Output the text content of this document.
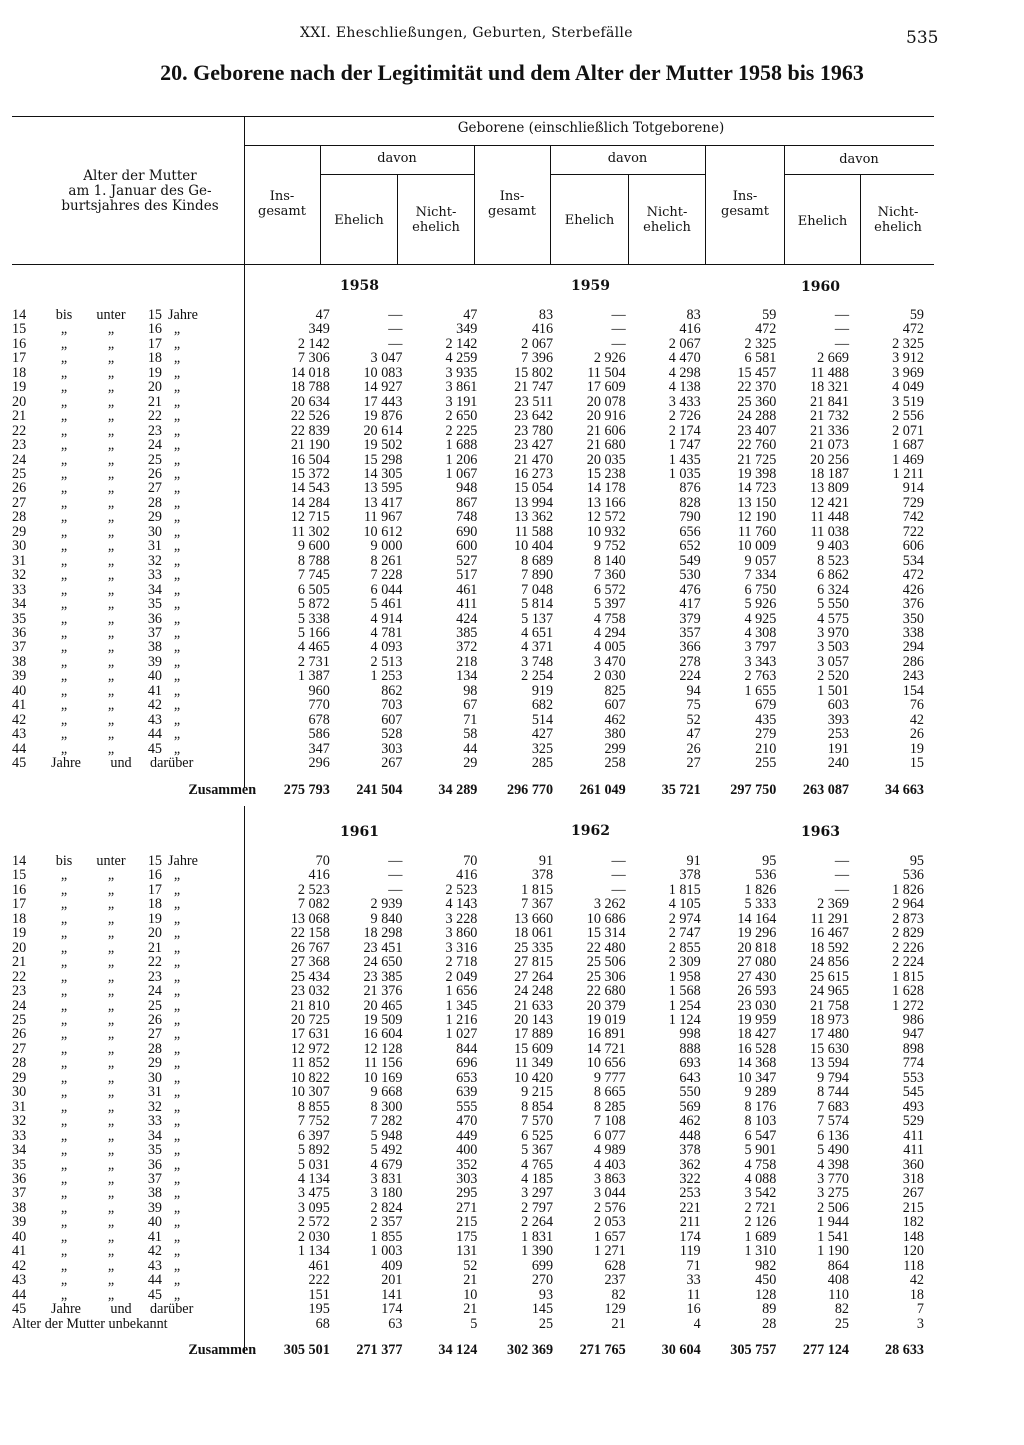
XXI. Eheschließungen, Geburten, Sterbefälle	535
20. Geborene nach der Legitimität und dem Alter der Mutter 1958 bis 1963
Alter der Mutter
am 1. Januar des Ge-
burtsjahres des Kindes
Geborene (einschließlich Totgeborene)
davon	davon	davon
Ins-
gesamt
Ehelich
Nicht-
ehelich
Ins-
gesamt
Ehelich
Nicht-
ehelich
Ins-
gesamt
Ehelich
Nicht-
ehelich
1958	1959	1960
1961	1962	1963
14 bis unter 15 Jahre	47	—	47	83	—	83	59	—	59
15 „ „ 16 „	349	—	349	416	—	416	472	—	472
16 „ „ 17 „	2 142	—	2 142	2 067	—	2 067	2 325	—	2 325
17 „ „ 18 „	7 306	3 047	4 259	7 396	2 926	4 470	6 581	2 669	3 912
18 „ „ 19 „	14 018	10 083	3 935	15 802	11 504	4 298	15 457	11 488	3 969
19 „ „ 20 „	18 788	14 927	3 861	21 747	17 609	4 138	22 370	18 321	4 049
20 „ „ 21 „	20 634	17 443	3 191	23 511	20 078	3 433	25 360	21 841	3 519
21 „ „ 22 „	22 526	19 876	2 650	23 642	20 916	2 726	24 288	21 732	2 556
22 „ „ 23 „	22 839	20 614	2 225	23 780	21 606	2 174	23 407	21 336	2 071
23 „ „ 24 „	21 190	19 502	1 688	23 427	21 680	1 747	22 760	21 073	1 687
24 „ „ 25 „	16 504	15 298	1 206	21 470	20 035	1 435	21 725	20 256	1 469
25 „ „ 26 „	15 372	14 305	1 067	16 273	15 238	1 035	19 398	18 187	1 211
26 „ „ 27 „	14 543	13 595	948	15 054	14 178	876	14 723	13 809	914
27 „ „ 28 „	14 284	13 417	867	13 994	13 166	828	13 150	12 421	729
28 „ „ 29 „	12 715	11 967	748	13 362	12 572	790	12 190	11 448	742
29 „ „ 30 „	11 302	10 612	690	11 588	10 932	656	11 760	11 038	722
30 „ „ 31 „	9 600	9 000	600	10 404	9 752	652	10 009	9 403	606
31 „ „ 32 „	8 788	8 261	527	8 689	8 140	549	9 057	8 523	534
32 „ „ 33 „	7 745	7 228	517	7 890	7 360	530	7 334	6 862	472
33 „ „ 34 „	6 505	6 044	461	7 048	6 572	476	6 750	6 324	426
34 „ „ 35 „	5 872	5 461	411	5 814	5 397	417	5 926	5 550	376
35 „ „ 36 „	5 338	4 914	424	5 137	4 758	379	4 925	4 575	350
36 „ „ 37 „	5 166	4 781	385	4 651	4 294	357	4 308	3 970	338
37 „ „ 38 „	4 465	4 093	372	4 371	4 005	366	3 797	3 503	294
38 „ „ 39 „	2 731	2 513	218	3 748	3 470	278	3 343	3 057	286
39 „ „ 40 „	1 387	1 253	134	2 254	2 030	224	2 763	2 520	243
40 „ „ 41 „	960	862	98	919	825	94	1 655	1 501	154
41 „ „ 42 „	770	703	67	682	607	75	679	603	76
42 „ „ 43 „	678	607	71	514	462	52	435	393	42
43 „ „ 44 „	586	528	58	427	380	47	279	253	26
44 „ „ 45 „	347	303	44	325	299	26	210	191	19
45 Jahre und darüber	296	267	29	285	258	27	255	240	15
Zusammen	275 793	241 504	34 289	296 770	261 049	35 721	297 750	263 087	34 663
14 bis unter 15 Jahre	70	—	70	91	—	91	95	—	95
15 „ „ 16 „	416	—	416	378	—	378	536	—	536
16 „ „ 17 „	2 523	—	2 523	1 815	—	1 815	1 826	—	1 826
17 „ „ 18 „	7 082	2 939	4 143	7 367	3 262	4 105	5 333	2 369	2 964
18 „ „ 19 „	13 068	9 840	3 228	13 660	10 686	2 974	14 164	11 291	2 873
19 „ „ 20 „	22 158	18 298	3 860	18 061	15 314	2 747	19 296	16 467	2 829
20 „ „ 21 „	26 767	23 451	3 316	25 335	22 480	2 855	20 818	18 592	2 226
21 „ „ 22 „	27 368	24 650	2 718	27 815	25 506	2 309	27 080	24 856	2 224
22 „ „ 23 „	25 434	23 385	2 049	27 264	25 306	1 958	27 430	25 615	1 815
23 „ „ 24 „	23 032	21 376	1 656	24 248	22 680	1 568	26 593	24 965	1 628
24 „ „ 25 „	21 810	20 465	1 345	21 633	20 379	1 254	23 030	21 758	1 272
25 „ „ 26 „	20 725	19 509	1 216	20 143	19 019	1 124	19 959	18 973	986
26 „ „ 27 „	17 631	16 604	1 027	17 889	16 891	998	18 427	17 480	947
27 „ „ 28 „	12 972	12 128	844	15 609	14 721	888	16 528	15 630	898
28 „ „ 29 „	11 852	11 156	696	11 349	10 656	693	14 368	13 594	774
29 „ „ 30 „	10 822	10 169	653	10 420	9 777	643	10 347	9 794	553
30 „ „ 31 „	10 307	9 668	639	9 215	8 665	550	9 289	8 744	545
31 „ „ 32 „	8 855	8 300	555	8 854	8 285	569	8 176	7 683	493
32 „ „ 33 „	7 752	7 282	470	7 570	7 108	462	8 103	7 574	529
33 „ „ 34 „	6 397	5 948	449	6 525	6 077	448	6 547	6 136	411
34 „ „ 35 „	5 892	5 492	400	5 367	4 989	378	5 901	5 490	411
35 „ „ 36 „	5 031	4 679	352	4 765	4 403	362	4 758	4 398	360
36 „ „ 37 „	4 134	3 831	303	4 185	3 863	322	4 088	3 770	318
37 „ „ 38 „	3 475	3 180	295	3 297	3 044	253	3 542	3 275	267
38 „ „ 39 „	3 095	2 824	271	2 797	2 576	221	2 721	2 506	215
39 „ „ 40 „	2 572	2 357	215	2 264	2 053	211	2 126	1 944	182
40 „ „ 41 „	2 030	1 855	175	1 831	1 657	174	1 689	1 541	148
41 „ „ 42 „	1 134	1 003	131	1 390	1 271	119	1 310	1 190	120
42 „ „ 43 „	461	409	52	699	628	71	982	864	118
43 „ „ 44 „	222	201	21	270	237	33	450	408	42
44 „ „ 45 „	151	141	10	93	82	11	128	110	18
45 Jahre und darüber	195	174	21	145	129	16	89	82	7
Alter der Mutter unbekannt	68	63	5	25	21	4	28	25	3
Zusammen	305 501	271 377	34 124	302 369	271 765	30 604	305 757	277 124	28 633
